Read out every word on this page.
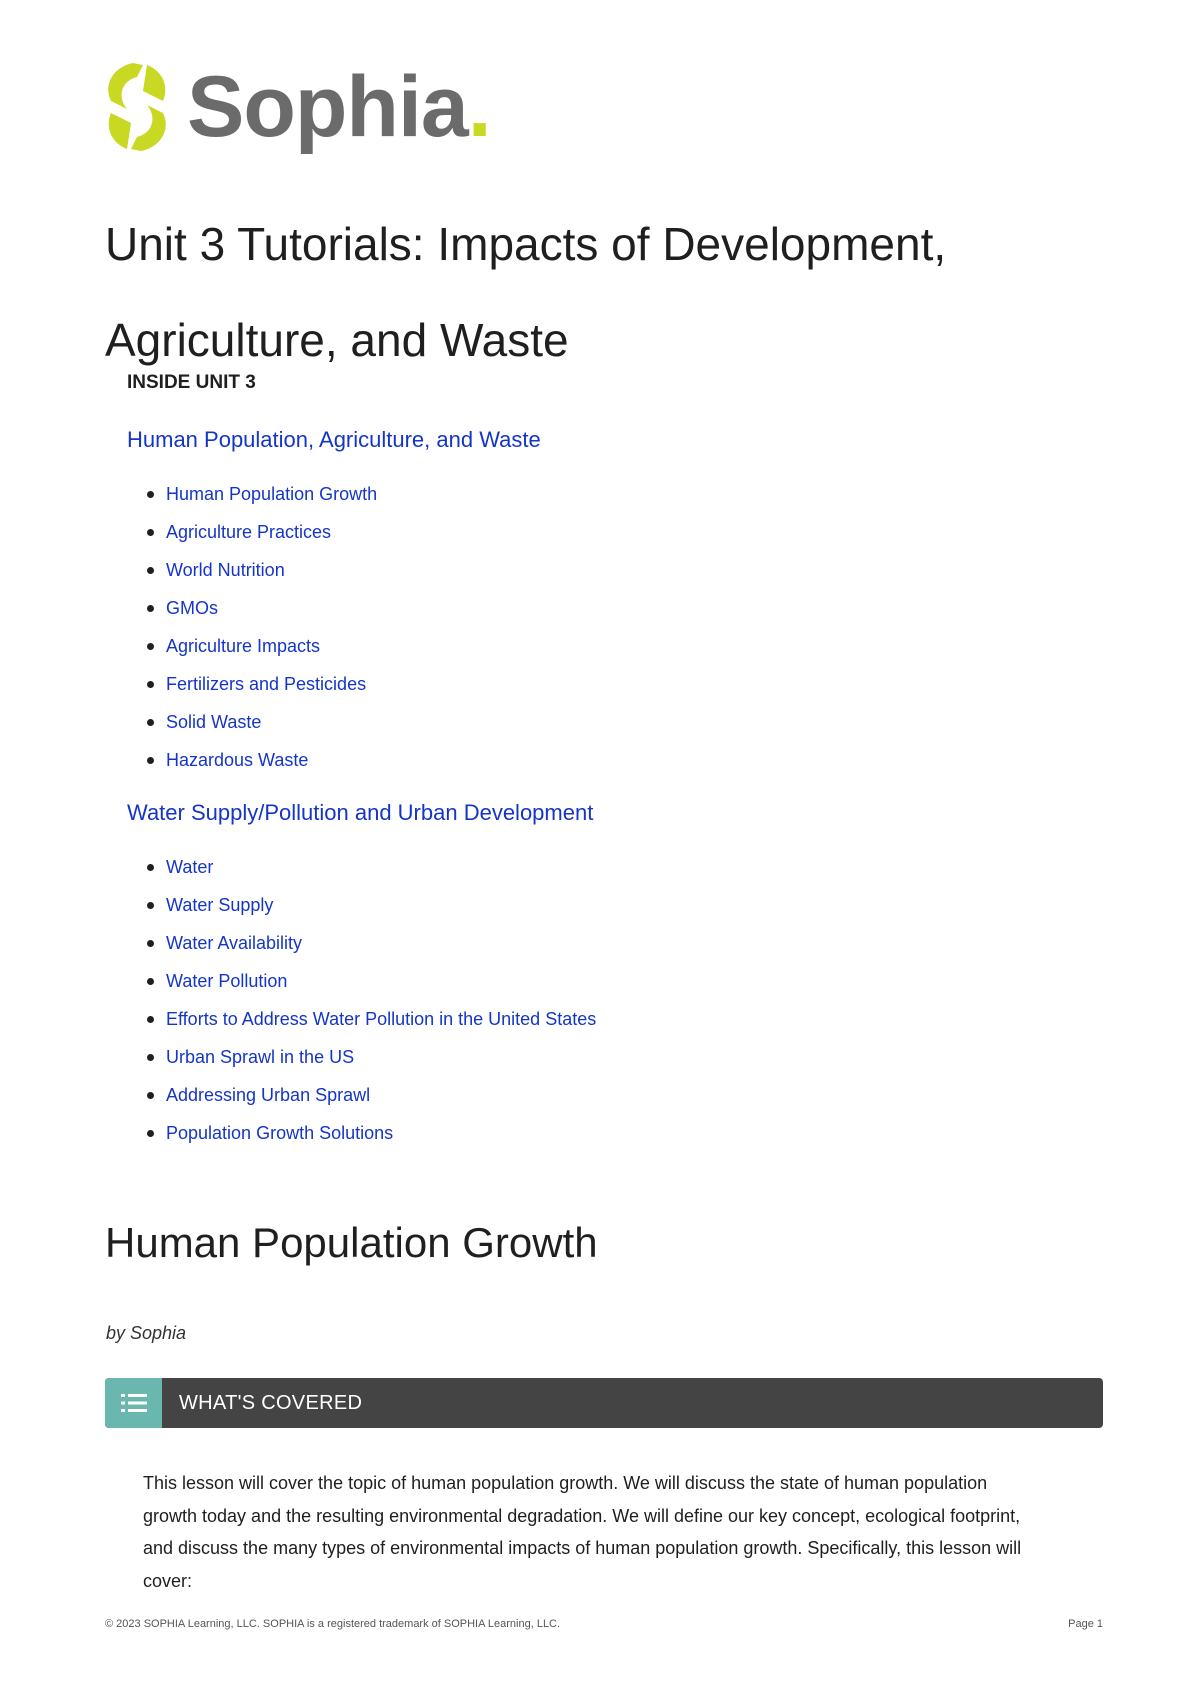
Sophia.
Unit 3 Tutorials: Impacts of Development, Agriculture, and Waste

INSIDE UNIT 3

Human Population, Agriculture, and Waste
Human Population Growth
Agriculture Practices
World Nutrition
GMOs
Agriculture Impacts
Fertilizers and Pesticides
Solid Waste
Hazardous Waste
Water Supply/Pollution and Urban Development
Water
Water Supply
Water Availability
Water Pollution
Efforts to Address Water Pollution in the United States
Urban Sprawl in the US
Addressing Urban Sprawl
Population Growth Solutions
Human Population Growth

by Sophia

WHAT'S COVERED

This lesson will cover the topic of human population growth. We will discuss the state of human population growth today and the resulting environmental degradation. We will define our key concept, ecological footprint, and discuss the many types of environmental impacts of human population growth. Specifically, this lesson will cover:

© 2023 SOPHIA Learning, LLC. SOPHIA is a registered trademark of SOPHIA Learning, LLC.	Page 1
